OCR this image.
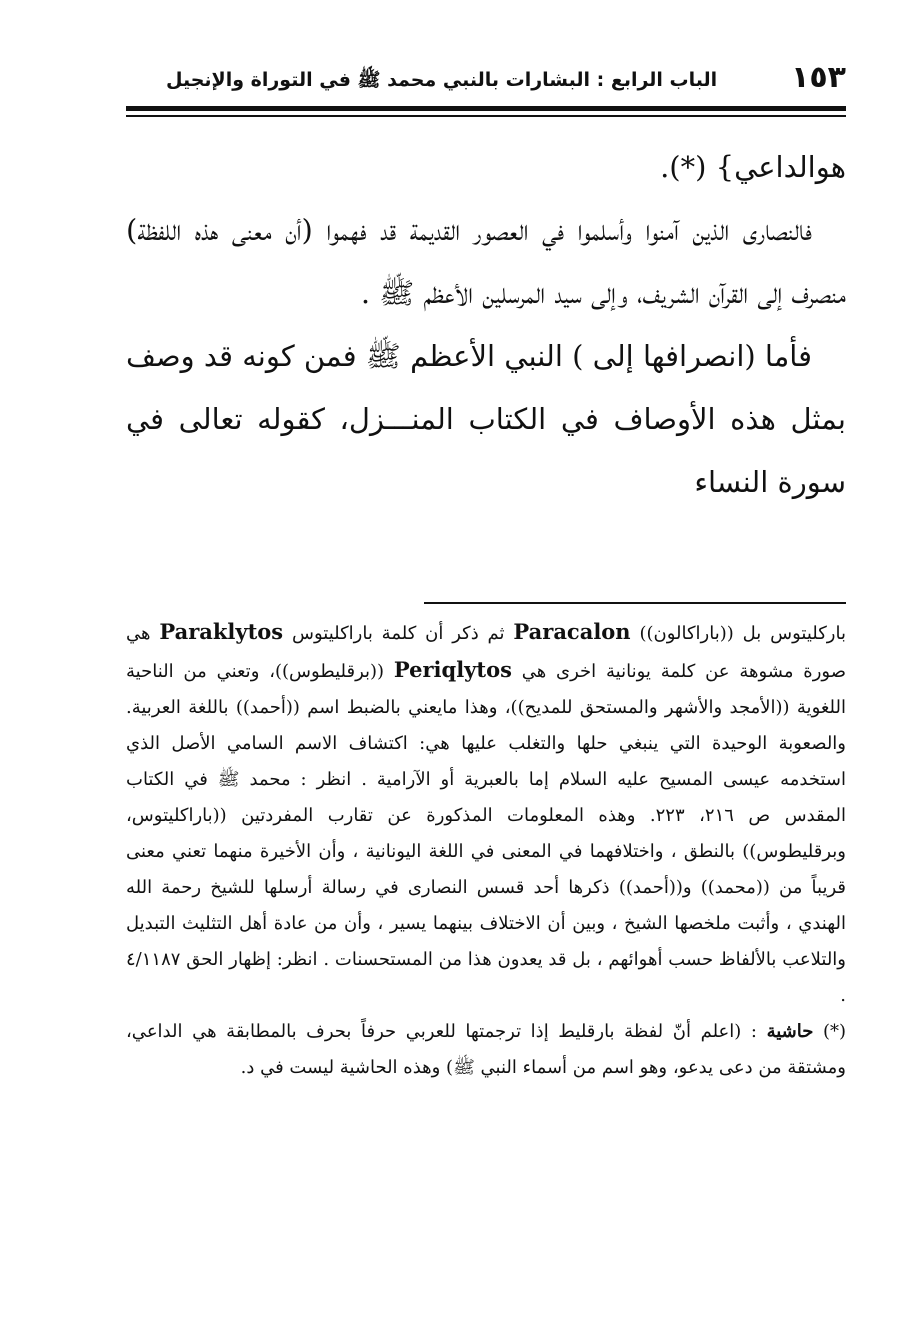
١٥٣
الباب الرابع : البشارات بالنبي محمد ﷺ في التوراة والإنجيل

هوالداعي} (*).

فالنصارى الذين آمنوا وأسلموا في العصور القديمة قد فهموا (أن معنى هذه اللفظة) منصرف إلى القرآن الشريف، وإلى سيد المرسلين الأعظم ﷺ .

فأما (انصرافها إلى ) النبي الأعظم ﷺ فمن كونه قد وصف بمثل هذه الأوصاف في الكتاب المنـــزل، كقوله تعالى في سورة النساء

باركليتوس بل ((باراكالون)) Paracalon ثم ذكر أن كلمة باراكليتوس Paraklytos هي صورة مشوهة عن كلمة يونانية اخرى هي Periqlytos ((برقليطوس))، وتعني من الناحية اللغوية ((الأمجد والأشهر والمستحق للمديح))، وهذا مايعني بالضبط اسم ((أحمد)) باللغة العربية. والصعوبة الوحيدة التي ينبغي حلها والتغلب عليها هي: اكتشاف الاسم السامي الأصل الذي استخدمه عيسى المسيح عليه السلام إما بالعبرية أو الآرامية . انظر : محمد ﷺ في الكتاب المقدس ص ٢١٦، ٢٢٣. وهذه المعلومات المذكورة عن تقارب المفردتين ((باراكليتوس، وبرقليطوس)) بالنطق ، واختلافهما في المعنى في اللغة اليونانية ، وأن الأخيرة منهما تعني معنى قريباً من ((محمد)) و((أحمد)) ذكرها أحد قسس النصارى في رسالة أرسلها للشيخ رحمة الله الهندي ، وأثبت ملخصها الشيخ ، وبين أن الاختلاف بينهما يسير ، وأن من عادة أهل التثليث التبديل والتلاعب بالألفاظ حسب أهوائهم ، بل قد يعدون هذا من المستحسنات . انظر: إظهار الحق ٤/١١٨٧ .

(*) حاشية : (اعلم أنّ لفظة بارقليط إذا ترجمتها للعربي حرفاً بحرف بالمطابقة هي الداعي، ومشتقة من دعى يدعو، وهو اسم من أسماء النبي ﷺ) وهذه الحاشية ليست في د.
